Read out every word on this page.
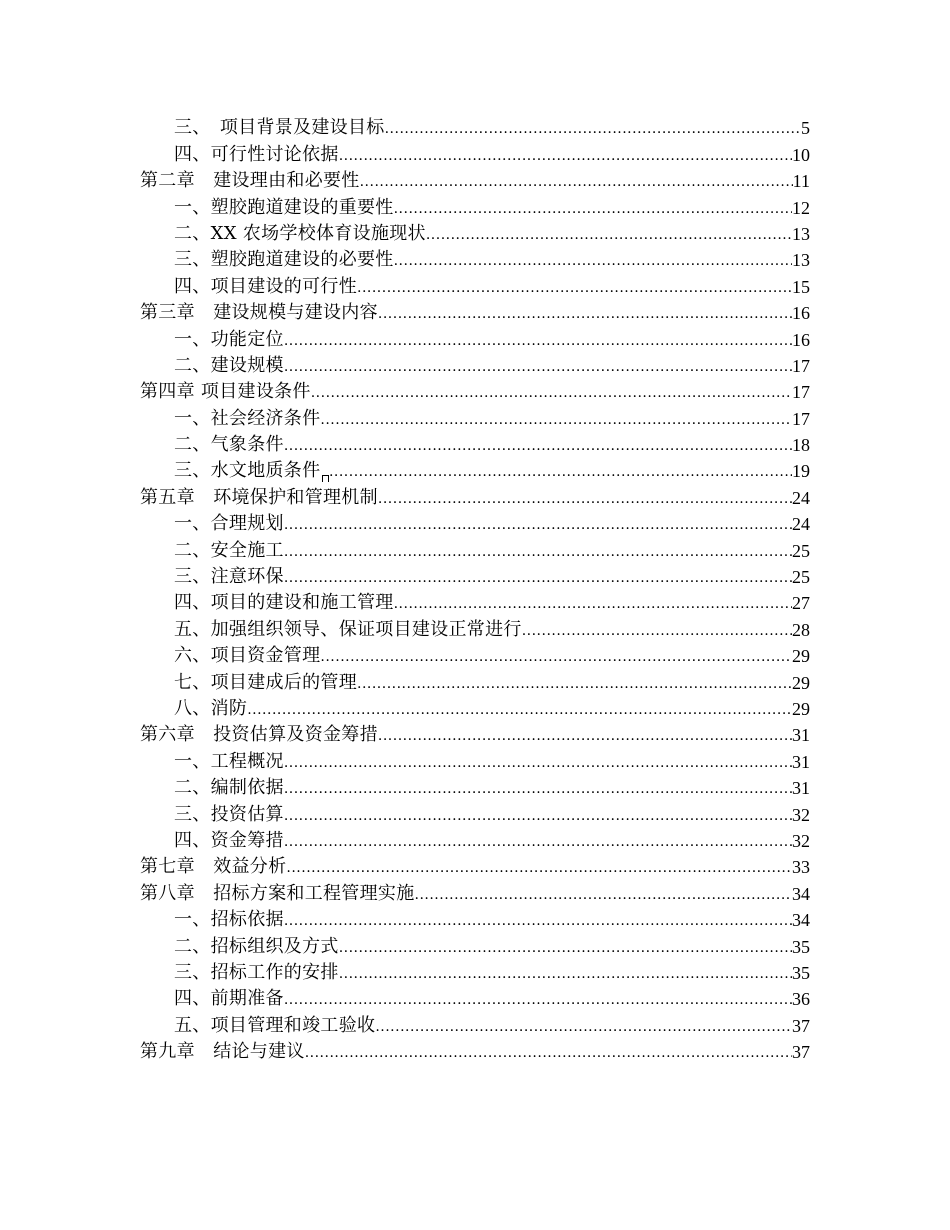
三、　项目背景及建设目标 .....	5
四、可行性讨论依据 .....	10
第二章　建设理由和必要性 .....	11
一、塑胶跑道建设的重要性 .....	12
二、XX 农场学校体育设施现状 .....	13
三、塑胶跑道建设的必要性 .....	13
四、项目建设的可行性 .....	15
第三章　建设规模与建设内容 .....	16
一、功能定位 .....	16
二、建设规模 .....	17
第四章 项目建设条件 .....	17
一、社会经济条件 .....	17
二、气象条件 .....	18
三、水文地质条件 .....	19
第五章　环境保护和管理机制 .....	24
一、合理规划 .....	24
二、安全施工 .....	25
三、注意环保 .....	25
四、项目的建设和施工管理 .....	27
五、加强组织领导、保证项目建设正常进行 .....	28
六、项目资金管理 .....	29
七、项目建成后的管理 .....	29
八、消防 .....	29
第六章　投资估算及资金筹措 .....	31
一、工程概况 .....	31
二、编制依据 .....	31
三、投资估算 .....	32
四、资金筹措 .....	32
第七章　效益分析 .....	33
第八章　招标方案和工程管理实施 .....	34
一、招标依据 .....	34
二、招标组织及方式 .....	35
三、招标工作的安排 .....	35
四、前期准备 .....	36
五、项目管理和竣工验收 .....	37
第九章　结论与建议 .....	37
